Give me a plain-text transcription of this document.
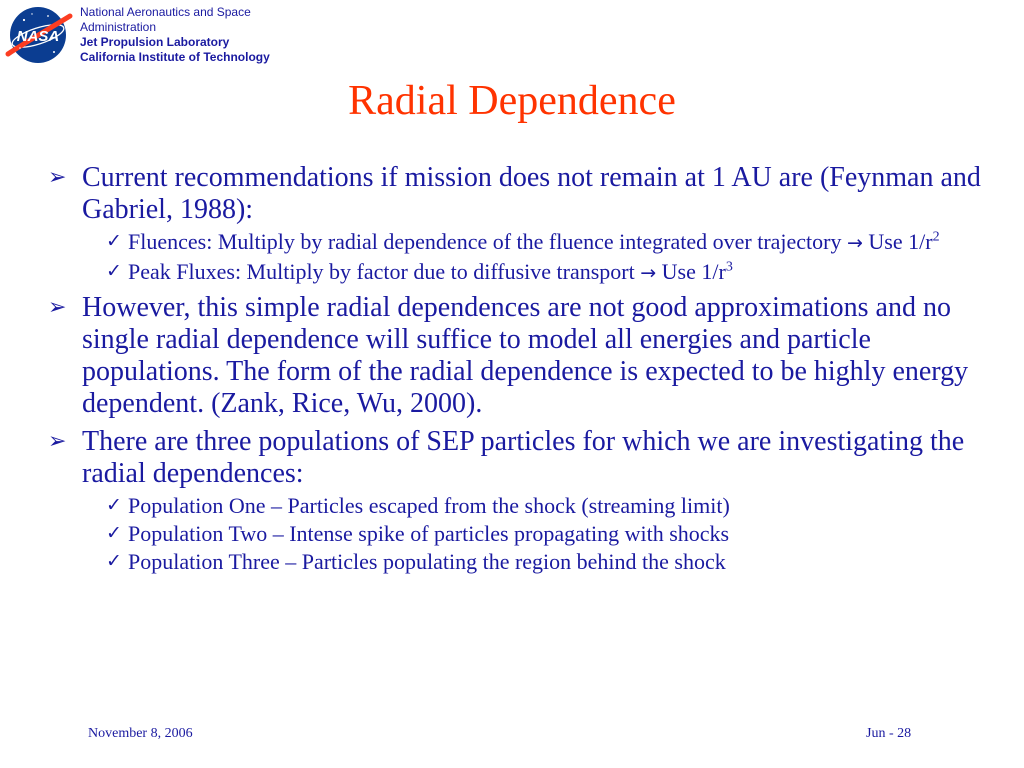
NASA
National Aeronautics and Space
Administration
Jet Propulsion Laboratory
California Institute of Technology
Radial Dependence
➢ Current recommendations if mission does not remain at 1 AU are (Feynman and Gabriel, 1988):
✓ Fluences: Multiply by radial dependence of the fluence integrated over trajectory → Use $1/r^2$
✓ Peak Fluxes: Multiply by factor due to diffusive transport → Use $1/r^3$
➢ However, this simple radial dependences are not good approximations and no single radial dependence will suffice to model all energies and particle populations. The form of the radial dependence is expected to be highly energy dependent. (Zank, Rice, Wu, 2000).
➢ There are three populations of SEP particles for which we are investigating the radial dependences:
✓ Population One – Particles escaped from the shock (streaming limit)
✓ Population Two – Intense spike of particles propagating with shocks
✓ Population Three – Particles populating the region behind the shock
November 8, 2006	Jun - 28
